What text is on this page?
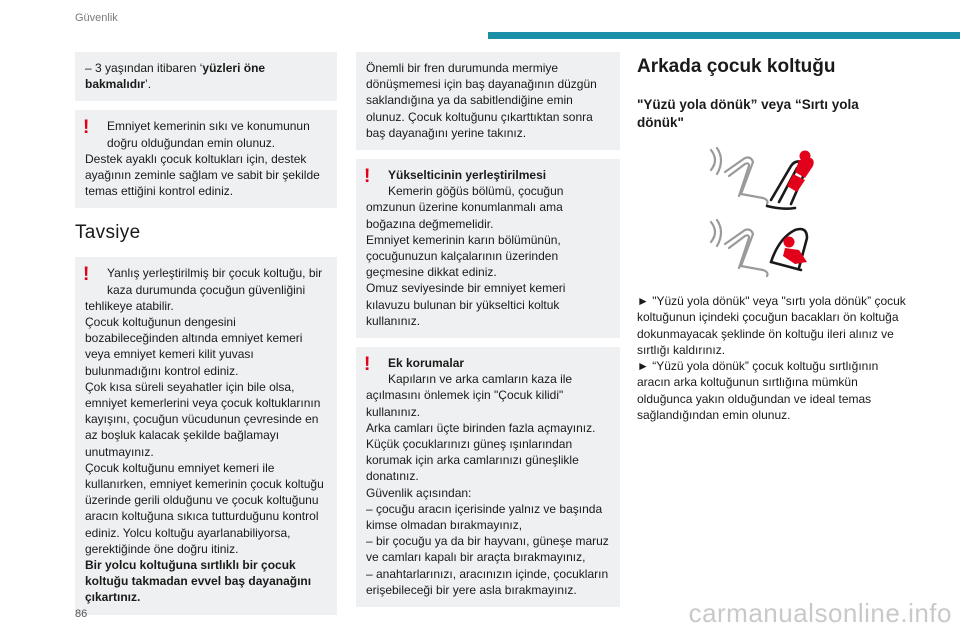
Güvenlik
– 3 yaşından itibaren ‘yüzleri öne bakmalıdır’.
!	Emniyet kemerinin sıkı ve konumunun doğru olduğundan emin olunuz.
Destek ayaklı çocuk koltukları için, destek ayağının zeminle sağlam ve sabit bir şekilde temas ettiğini kontrol ediniz.
Tavsiye
!	Yanlış yerleştirilmiş bir çocuk koltuğu, bir kaza durumunda çocuğun güvenliğini
tehlikeye atabilir.
Çocuk koltuğunun dengesini bozabileceğinden altında emniyet kemeri veya emniyet kemeri kilit yuvası bulunmadığını kontrol ediniz.
Çok kısa süreli seyahatler için bile olsa, emniyet kemerlerini veya çocuk koltuklarının kayışını, çocuğun vücudunun çevresinde en az boşluk kalacak şekilde bağlamayı unutmayınız.
Çocuk koltuğunu emniyet kemeri ile kullanırken, emniyet kemerinin çocuk koltuğu üzerinde gerili olduğunu ve çocuk koltuğunu aracın koltuğuna sıkıca tutturduğunu kontrol ediniz. Yolcu koltuğu ayarlanabiliyorsa, gerektiğinde öne doğru itiniz.
Bir yolcu koltuğuna sırtlıklı bir çocuk koltuğu takmadan evvel baş dayanağını çıkartınız.
Önemli bir fren durumunda mermiye dönüşmemesi için baş dayanağının düzgün saklandığına ya da sabitlendiğine emin olunuz. Çocuk koltuğunu çıkarttıktan sonra baş dayanağını yerine takınız.
!	Yükselticinin yerleştirilmesi
Kemerin göğüs bölümü, çocuğun
omzunun üzerine konumlanmalı ama boğazına değmemelidir.
Emniyet kemerinin karın bölümünün, çocuğunuzun kalçalarının üzerinden geçmesine dikkat ediniz.
Omuz seviyesinde bir emniyet kemeri kılavuzu bulunan bir yükseltici koltuk kullanınız.
!	Ek korumalar
Kapıların ve arka camların kaza ile
açılmasını önlemek için "Çocuk kilidi" kullanınız.
Arka camları üçte birinden fazla açmayınız.
Küçük çocuklarınızı güneş ışınlarından korumak için arka camlarınızı güneşlikle donatınız.
Güvenlik açısından:
– çocuğu aracın içerisinde yalnız ve başında kimse olmadan bırakmayınız,
– bir çocuğu ya da bir hayvanı, güneşe maruz ve camları kapalı bir araçta bırakmayınız,
– anahtarlarınızı, aracınızın içinde, çocukların erişebileceği bir yere asla bırakmayınız.
Arkada çocuk koltuğu
"Yüzü yola dönük” veya “Sırtı yola dönük"
► "Yüzü yola dönük" veya "sırtı yola dönük” çocuk koltuğunun içindeki çocuğun bacakları ön koltuğa dokunmayacak şeklinde ön koltuğu ileri alınız ve sırtlığı kaldırınız.
► “Yüzü yola dönük” çocuk koltuğu sırtlığının aracın arka koltuğunun sırtlığına mümkün olduğunca yakın olduğundan ve ideal temas sağlandığından emin olunuz.
86	carmanualsonline.info
